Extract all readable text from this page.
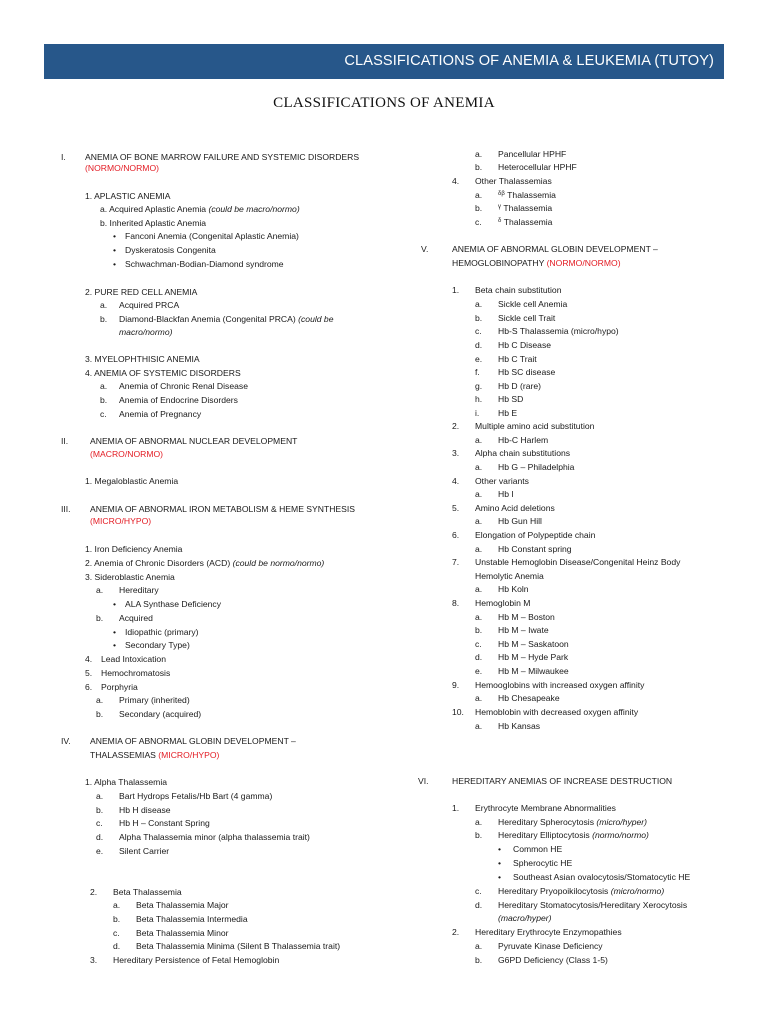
CLASSIFICATIONS OF ANEMIA & LEUKEMIA (TUTOY)
CLASSIFICATIONS OF ANEMIA
I. ANEMIA OF BONE MARROW FAILURE AND SYSTEMIC DISORDERS
(NORMO/NORMO)
1. APLASTIC ANEMIA
a. Acquired Aplastic Anemia (could be macro/normo)
b. Inherited Aplastic Anemia
• Fanconi Anemia (Congenital Aplastic Anemia)
• Dyskeratosis Congenita
• Schwachman-Bodian-Diamond syndrome
2. PURE RED CELL ANEMIA
a. Acquired PRCA
b. Diamond-Blackfan Anemia (Congenital PRCA) (could be
macro/normo)
3. MYELOPHTHISIC ANEMIA
4. ANEMIA OF SYSTEMIC DISORDERS
a. Anemia of Chronic Renal Disease
b. Anemia of Endocrine Disorders
c. Anemia of Pregnancy
II.	ANEMIA OF ABNORMAL NUCLEAR DEVELOPMENT
(MACRO/NORMO)
1. Megaloblastic Anemia
III. ANEMIA OF ABNORMAL IRON METABOLISM & HEME SYNTHESIS
(MICRO/HYPO)
1. Iron Deficiency Anemia
2. Anemia of Chronic Disorders (ACD) (could be normo/normo)
3. Sideroblastic Anemia
a. Hereditary
• ALA Synthase Deficiency
b. Acquired
• Idiopathic (primary)
• Secondary Type)
4. Lead Intoxication
5. Hemochromatosis
6. Porphyria
a. Primary (inherited)
b. Secondary (acquired)
IV. ANEMIA OF ABNORMAL GLOBIN DEVELOPMENT –
THALASSEMIAS (MICRO/HYPO)
1. Alpha Thalassemia
a. Bart Hydrops Fetalis/Hb Bart (4 gamma)
b. Hb H disease
c. Hb H – Constant Spring
d. Alpha Thalassemia minor (alpha thalassemia trait)
e. Silent Carrier
2. Beta Thalassemia
a. Beta Thalassemia Major
b. Beta Thalassemia Intermedia
c. Beta Thalassemia Minor
d. Beta Thalassemia Minima (Silent B Thalassemia trait)
3. Hereditary Persistence of Fetal Hemoglobin
a. Pancellular HPHF
b. Heterocellular HPHF
4. Other Thalassemias
a.	$^{\delta\beta}$ Thalassemia
b.	$^\gamma$ Thalassemia
c.	$^\delta$ Thalassemia
V.	ANEMIA OF ABNORMAL GLOBIN DEVELOPMENT –
HEMOGLOBINOPATHY (NORMO/NORMO)
1. Beta chain substitution
a. Sickle cell Anemia
b. Sickle cell Trait
c. Hb-S Thalassemia (micro/hypo)
d. Hb C Disease
e. Hb C Trait
f. Hb SC disease
g. Hb D (rare)
h. Hb SD
i. Hb E
2. Multiple amino acid substitution
a. Hb-C Harlem
3. Alpha chain substitutions
a. Hb G – Philadelphia
4. Other variants
a. Hb I
5. Amino Acid deletions
a. Hb Gun Hill
6. Elongation of Polypeptide chain
a. Hb Constant spring
7. Unstable Hemoglobin Disease/Congenital Heinz Body
Hemolytic Anemia
a. Hb Koln
8. Hemoglobin M
a. Hb M – Boston
b. Hb M – Iwate
c. Hb M – Saskatoon
d. Hb M – Hyde Park
e. Hb M – Milwaukee
9. Hemooglobins with increased oxygen affinity
a. Hb Chesapeake
10. Hemoblobin with decreased oxygen affinity
a. Hb Kansas
VI.	HEREDITARY ANEMIAS OF INCREASE DESTRUCTION
1. Erythrocyte Membrane Abnormalities
a. Hereditary Spherocytosis (micro/hyper)
b. Hereditary Elliptocytosis (normo/normo)
• Common HE
• Spherocytic HE
• Southeast Asian ovalocytosis/Stomatocytic HE
c. Hereditary Pryopoikilocytosis (micro/normo)
d. Hereditary Stomatocytosis/Hereditary Xerocytosis
(macro/hyper)
2. Hereditary Erythrocyte Enzymopathies
a. Pyruvate Kinase Deficiency
b. G6PD Deficiency (Class 1-5)
